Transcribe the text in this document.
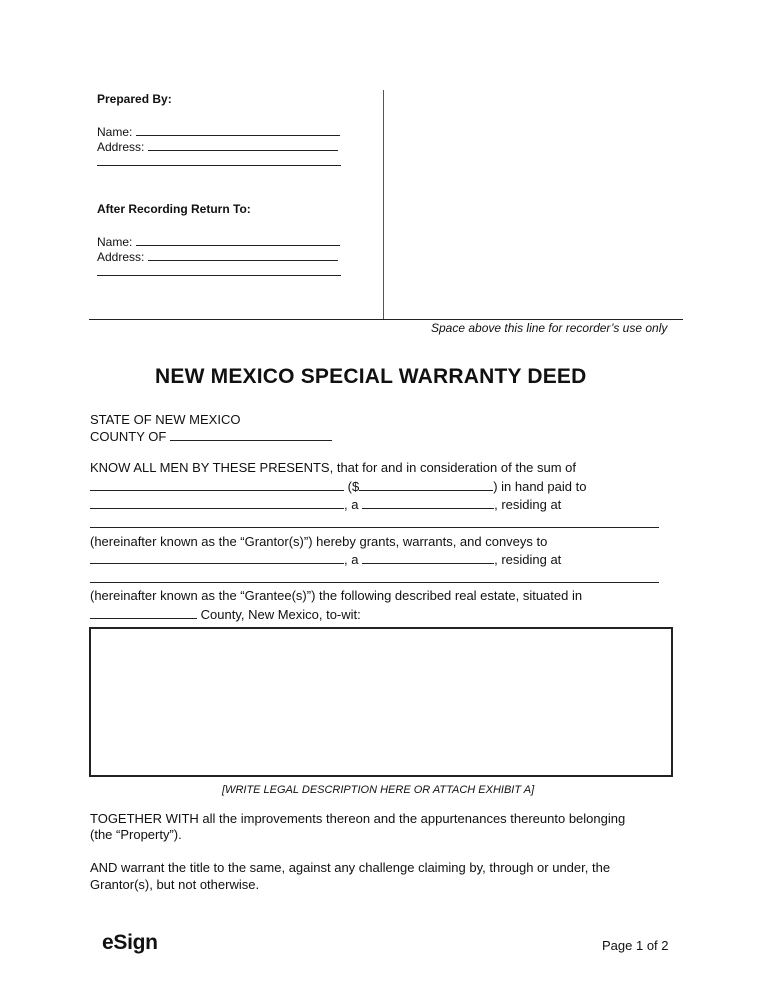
Prepared By:
Name:
Address:
After Recording Return To:
Name:
Address:
Space above this line for recorder’s use only
NEW MEXICO SPECIAL WARRANTY DEED
STATE OF NEW MEXICO
COUNTY OF
KNOW ALL MEN BY THESE PRESENTS, that for and in consideration of the sum of
($	) in hand paid to
, a	, residing at
(hereinafter known as the “Grantor(s)”) hereby grants, warrants, and conveys to
, a	, residing at
(hereinafter known as the “Grantee(s)”) the following described real estate, situated in
County, New Mexico, to-wit:
[WRITE LEGAL DESCRIPTION HERE OR ATTACH EXHIBIT A]
TOGETHER WITH all the improvements thereon and the appurtenances thereunto belonging
(the “Property”).
AND warrant the title to the same, against any challenge claiming by, through or under, the
Grantor(s), but not otherwise.
eSign	Page 1 of 2
